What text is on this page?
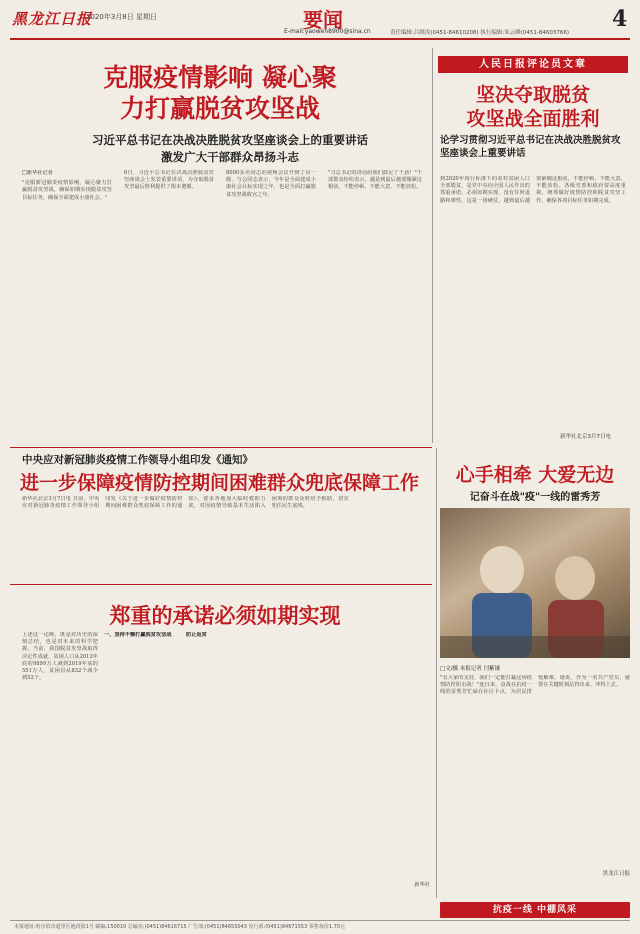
黑龙江日报
2020年3月8日 星期日	要闻
E-mail:yaowen8900@sina.cn	4
责任编辑:吕维汝(0451-84610208) 执行编辑:朱云峰(0451-84603766)
克服疫情影响 凝心聚力打赢脱贫攻坚战
习近平总书记在决战决胜脱贫攻坚座谈会上的重要讲话
激发广大干部群众昂扬斗志
□新华社记者

"克服新冠肺炎疫情影响，凝心聚力打赢脱贫攻坚战，确保如期实现脱贫攻坚目标任务，确保全面建成小康社会。"

6日，习近平总书记在决战决胜脱贫攻坚座谈会上发表重要讲话，为夺取脱贫攻坚最后胜利提供了根本遵循。

8000多名同志的视频会议开到了县一级，与会同志表示，今年是全面建成小康社会目标实现之年，也是全面打赢脱贫攻坚战收官之年。

"习总书记的讲话给我们鼓足了干劲！"干部群众纷纷表示，越是到最后越要绷紧这根弦，不能停顿、不能大意、不能放松。

人民日报评论员文章
坚决夺取脱贫
攻坚战全面胜利
论学习贯彻习近平总书记在决战决胜脱贫攻坚座谈会上重要讲话
到2020年现行标准下的农村贫困人口全部脱贫，是党中央向全国人民作出的郑重承诺，必须如期实现，没有任何退路和弹性。这是一场硬仗，越到最后越要紧绷这根弦，不能停顿、不能大意、不能放松。各级党委和政府要高度重视，统筹做好疫情防控和脱贫攻坚工作，确保各项目标任务如期完成。
新华社北京3月7日电
中央应对新冠肺炎疫情工作领导小组印发《通知》
进一步保障疫情防控期间困难群众兜底保障工作
新华社北京3月7日电 日前，中央应对新冠肺炎疫情工作领导小组印发《关于进一步做好疫情防控期间困难群众兜底保障工作的通知》，要求各地加大临时救助力度，对因疫情导致基本生活陷入困境的群众及时给予救助，切实兜住民生底线。
心手相牵 大爱无边
记奋斗在战"疫"一线的雷秀芳
□文/摄 本报记者 闫紫谦
"有大家的支持，我们一定能打赢这场疫情防控阻击战！"连日来，奋战在抗疫一线的雷秀芳忙碌在社区卡点，为居民排忧解难。她说，作为一名共产党员，就要在关键时刻站得出来、冲得上去。
黑龙江日报
郑重的承诺必须如期实现

上述这一论断，既是对历史的深刻总结，也是对未来的科学把握。当前，我国脱贫攻坚战取得决定性成就，贫困人口从2012年底的9899万人减到2019年底的551万人，贫困县从832个减少到52个。

一、坚持不懈打赢脱贫攻坚战	防止返贫
新华社
抗疫一线 中棚风采
本报地址:哈尔滨市道里区地段街1号 邮编:150010 总编室:(0451)84616715 广告部:(0451)84655043 发行部:(0451)84671553 零售每份1.70元
